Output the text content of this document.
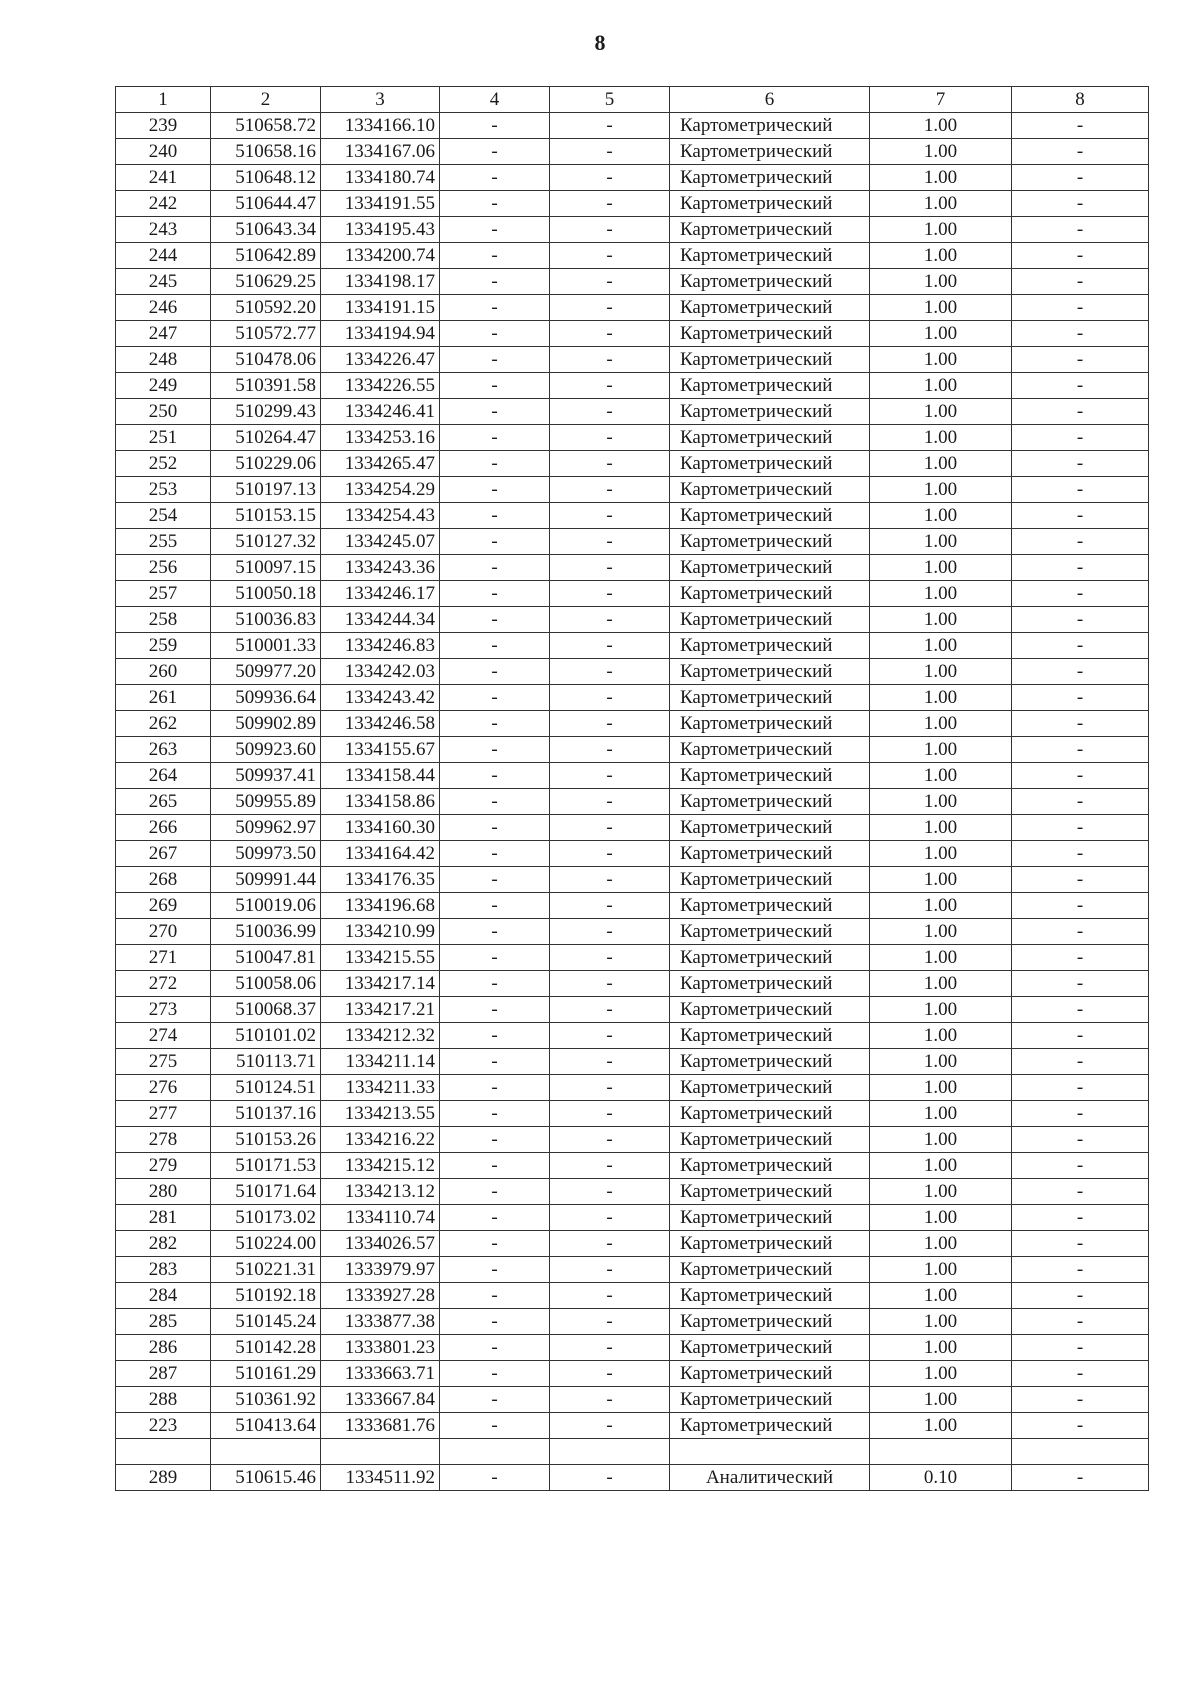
8
1	2	3	4	5	6	7	8
239	510658.72	1334166.10	-	-	Картометрический	1.00	-
240	510658.16	1334167.06	-	-	Картометрический	1.00	-
241	510648.12	1334180.74	-	-	Картометрический	1.00	-
242	510644.47	1334191.55	-	-	Картометрический	1.00	-
243	510643.34	1334195.43	-	-	Картометрический	1.00	-
244	510642.89	1334200.74	-	-	Картометрический	1.00	-
245	510629.25	1334198.17	-	-	Картометрический	1.00	-
246	510592.20	1334191.15	-	-	Картометрический	1.00	-
247	510572.77	1334194.94	-	-	Картометрический	1.00	-
248	510478.06	1334226.47	-	-	Картометрический	1.00	-
249	510391.58	1334226.55	-	-	Картометрический	1.00	-
250	510299.43	1334246.41	-	-	Картометрический	1.00	-
251	510264.47	1334253.16	-	-	Картометрический	1.00	-
252	510229.06	1334265.47	-	-	Картометрический	1.00	-
253	510197.13	1334254.29	-	-	Картометрический	1.00	-
254	510153.15	1334254.43	-	-	Картометрический	1.00	-
255	510127.32	1334245.07	-	-	Картометрический	1.00	-
256	510097.15	1334243.36	-	-	Картометрический	1.00	-
257	510050.18	1334246.17	-	-	Картометрический	1.00	-
258	510036.83	1334244.34	-	-	Картометрический	1.00	-
259	510001.33	1334246.83	-	-	Картометрический	1.00	-
260	509977.20	1334242.03	-	-	Картометрический	1.00	-
261	509936.64	1334243.42	-	-	Картометрический	1.00	-
262	509902.89	1334246.58	-	-	Картометрический	1.00	-
263	509923.60	1334155.67	-	-	Картометрический	1.00	-
264	509937.41	1334158.44	-	-	Картометрический	1.00	-
265	509955.89	1334158.86	-	-	Картометрический	1.00	-
266	509962.97	1334160.30	-	-	Картометрический	1.00	-
267	509973.50	1334164.42	-	-	Картометрический	1.00	-
268	509991.44	1334176.35	-	-	Картометрический	1.00	-
269	510019.06	1334196.68	-	-	Картометрический	1.00	-
270	510036.99	1334210.99	-	-	Картометрический	1.00	-
271	510047.81	1334215.55	-	-	Картометрический	1.00	-
272	510058.06	1334217.14	-	-	Картометрический	1.00	-
273	510068.37	1334217.21	-	-	Картометрический	1.00	-
274	510101.02	1334212.32	-	-	Картометрический	1.00	-
275	510113.71	1334211.14	-	-	Картометрический	1.00	-
276	510124.51	1334211.33	-	-	Картометрический	1.00	-
277	510137.16	1334213.55	-	-	Картометрический	1.00	-
278	510153.26	1334216.22	-	-	Картометрический	1.00	-
279	510171.53	1334215.12	-	-	Картометрический	1.00	-
280	510171.64	1334213.12	-	-	Картометрический	1.00	-
281	510173.02	1334110.74	-	-	Картометрический	1.00	-
282	510224.00	1334026.57	-	-	Картометрический	1.00	-
283	510221.31	1333979.97	-	-	Картометрический	1.00	-
284	510192.18	1333927.28	-	-	Картометрический	1.00	-
285	510145.24	1333877.38	-	-	Картометрический	1.00	-
286	510142.28	1333801.23	-	-	Картометрический	1.00	-
287	510161.29	1333663.71	-	-	Картометрический	1.00	-
288	510361.92	1333667.84	-	-	Картометрический	1.00	-
223	510413.64	1333681.76	-	-	Картометрический	1.00	-

289	510615.46	1334511.92	-	-	Аналитический	0.10	-
